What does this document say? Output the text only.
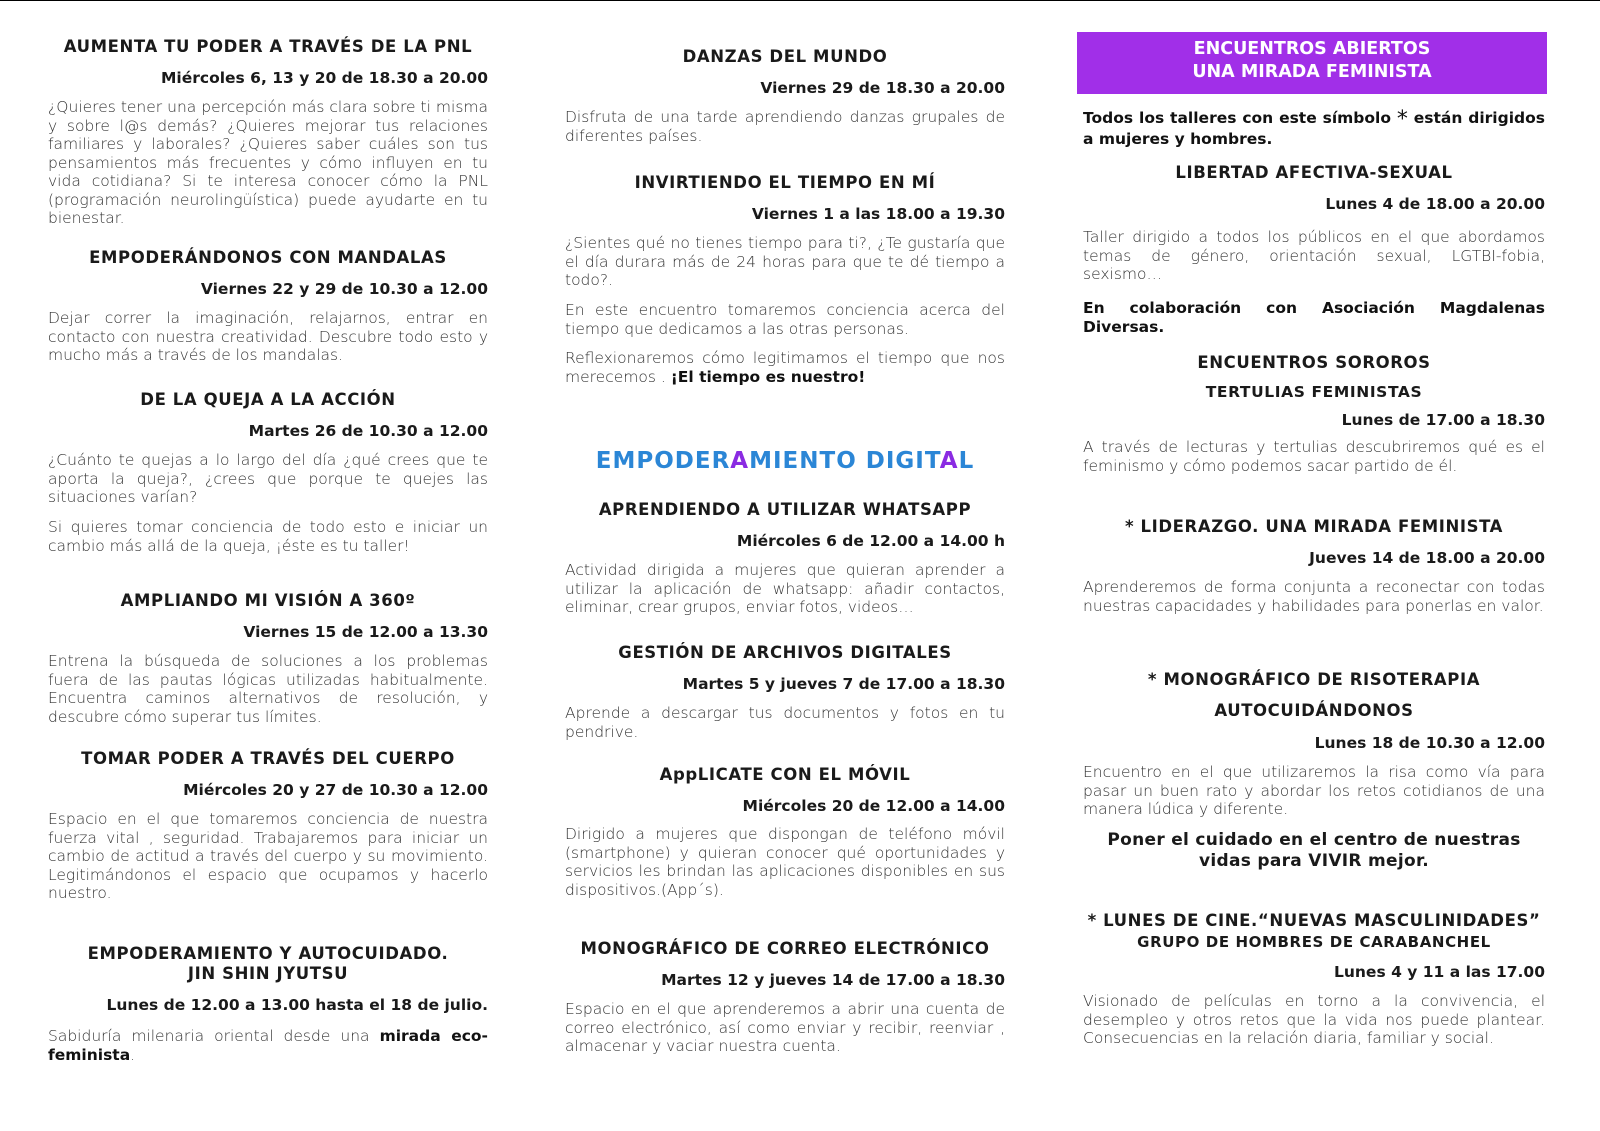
AUMENTA TU PODER A TRAVÉS DE LA PNL
Miércoles 6, 13 y 20 de 18.30 a 20.00
¿Quieres tener una percepción más clara sobre ti misma y sobre l@s demás? ¿Quieres mejorar tus relaciones familiares y laborales? ¿Quieres saber cuáles son tus pensamientos más frecuentes y cómo influyen en tu vida cotidiana? Si te interesa conocer cómo la PNL (programación neurolingüística) puede ayudarte en tu bienestar.
EMPODERÁNDONOS CON MANDALAS
Viernes 22 y 29 de 10.30 a 12.00
Dejar correr la imaginación, relajarnos, entrar en contacto con nuestra creatividad. Descubre todo esto y mucho más a través de los mandalas.
DE LA QUEJA A LA ACCIÓN
Martes 26 de 10.30 a 12.00
¿Cuánto te quejas a lo largo del día ¿qué crees que te aporta la queja?, ¿crees que porque te quejes las situaciones varían?
Si quieres tomar conciencia de todo esto e iniciar un cambio más allá de la queja, ¡éste es tu taller!
AMPLIANDO MI VISIÓN A 360º
Viernes 15 de 12.00 a 13.30
Entrena la búsqueda de soluciones a los problemas fuera de las pautas lógicas utilizadas habitualmente. Encuentra caminos alternativos de resolución, y descubre cómo superar tus límites.
TOMAR PODER A TRAVÉS DEL CUERPO
Miércoles 20 y 27 de 10.30 a 12.00
Espacio en el que tomaremos conciencia de nuestra fuerza vital , seguridad. Trabajaremos para iniciar un cambio de actitud a través del cuerpo y su movimiento. Legitimándonos el espacio que ocupamos y hacerlo nuestro.
EMPODERAMIENTO Y AUTOCUIDADO.
JIN SHIN JYUTSU
Lunes de 12.00 a 13.00 hasta el 18 de julio.
Sabiduría milenaria oriental desde una mirada eco-feminista.
DANZAS DEL MUNDO
Viernes 29 de 18.30 a 20.00
Disfruta de una tarde aprendiendo danzas grupales de diferentes países.
INVIRTIENDO EL TIEMPO EN MÍ
Viernes 1 a las 18.00 a 19.30
¿Sientes qué no tienes tiempo para ti?, ¿Te gustaría que el día durara más de 24 horas para que te dé tiempo a todo?.
En este encuentro tomaremos conciencia acerca del tiempo que dedicamos a las otras personas.
Reflexionaremos cómo legitimamos el tiempo que nos merecemos . ¡El tiempo es nuestro!
EMPODERAMIENTO DIGITAL
APRENDIENDO A UTILIZAR WHATSAPP
Miércoles 6 de 12.00 a 14.00 h
Actividad dirigida a mujeres que quieran aprender a utilizar la aplicación de whatsapp: añadir contactos, eliminar, crear grupos, enviar fotos, videos…
GESTIÓN DE ARCHIVOS DIGITALES
Martes 5 y jueves 7 de 17.00 a 18.30
Aprende a descargar tus documentos y fotos en tu pendrive.
AppLICATE CON EL MÓVIL
Miércoles 20 de 12.00 a 14.00
Dirigido a mujeres que dispongan de teléfono móvil (smartphone) y quieran conocer qué oportunidades y servicios les brindan las aplicaciones disponibles en sus dispositivos.(App´s).
MONOGRÁFICO DE CORREO ELECTRÓNICO
Martes 12 y jueves 14 de 17.00 a 18.30
Espacio en el que aprenderemos a abrir una cuenta de correo electrónico, así como enviar y recibir, reenviar , almacenar y vaciar nuestra cuenta.
ENCUENTROS ABIERTOS
UNA MIRADA FEMINISTA
Todos los talleres con este símbolo * están dirigidos a mujeres y hombres.
LIBERTAD AFECTIVA-SEXUAL
Lunes 4 de 18.00 a 20.00
Taller dirigido a todos los públicos en el que abordamos temas de género, orientación sexual, LGTBI-fobia, sexismo…
En colaboración con Asociación Magdalenas Diversas.
ENCUENTROS SOROROS
TERTULIAS FEMINISTAS
Lunes de 17.00 a 18.30
A través de lecturas y tertulias descubriremos qué es el feminismo y cómo podemos sacar partido de él.
* LIDERAZGO. UNA MIRADA FEMINISTA
Jueves 14 de 18.00 a 20.00
Aprenderemos de forma conjunta a reconectar con todas nuestras capacidades y habilidades para ponerlas en valor.
* MONOGRÁFICO DE RISOTERAPIA
AUTOCUIDÁNDONOS
Lunes 18 de 10.30 a 12.00
Encuentro en el que utilizaremos la risa como vía para pasar un buen rato y abordar los retos cotidianos de una manera lúdica y diferente.
Poner el cuidado en el centro de nuestras vidas para VIVIR mejor.
* LUNES DE CINE.“NUEVAS MASCULINIDADES”
GRUPO DE HOMBRES DE CARABANCHEL
Lunes 4 y 11 a las 17.00
Visionado de películas en torno a la convivencia, el desempleo y otros retos que la vida nos puede plantear. Consecuencias en la relación diaria, familiar y social.
